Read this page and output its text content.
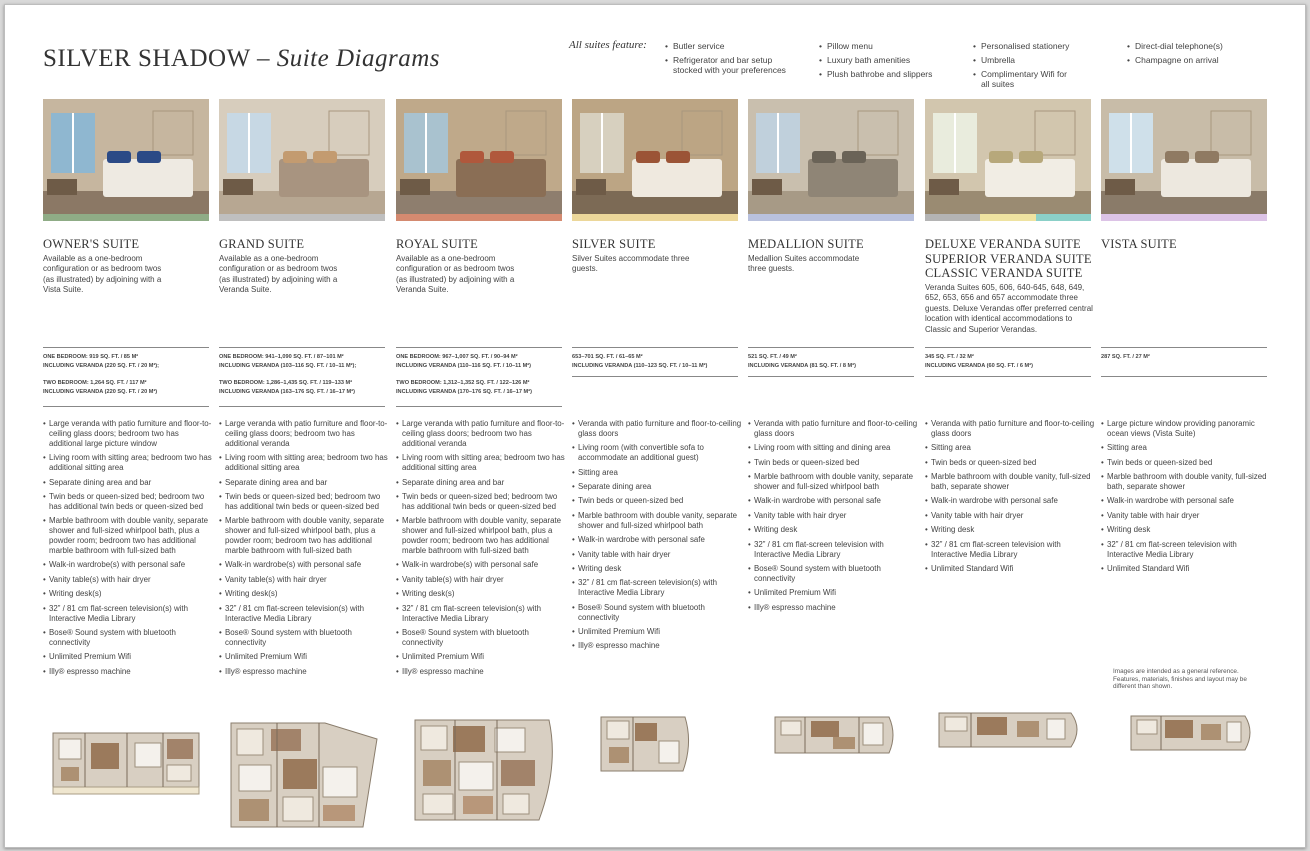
SILVER SHADOW – Suite Diagrams	All suites feature:
•	Butler service
• Refrigerator and bar setup stocked with your preferences
• Pillow menu
• Luxury bath amenities
• Plush bathrobe and slippers
• Personalised stationery
• Umbrella
• Complimentary Wifi for all suites
• Direct-dial telephone(s)
• Champagne on arrival
OWNER'S SUITE
Available as a one-bedroom configuration or as bedroom twos (as illustrated) by adjoining with a Vista Suite.
GRAND SUITE
Available as a one-bedroom configuration or as bedroom twos (as illustrated) by adjoining with a Veranda Suite.
ROYAL SUITE
Available as a one-bedroom configuration or as bedroom twos (as illustrated) by adjoining with a Veranda Suite.
SILVER SUITE
Silver Suites accommodate three guests.
MEDALLION SUITE
Medallion Suites accommodate three guests.
DELUXE VERANDA SUITE
SUPERIOR VERANDA SUITE
CLASSIC VERANDA SUITE
Veranda Suites 605, 606, 640-645, 648, 649, 652, 653, 656 and 657 accommodate three guests. Deluxe Verandas offer preferred central location with identical accommodations to Classic and Superior Verandas.
VISTA SUITE
Images are intended as a general reference. Features, materials, finishes and layout may be different than shown.

ONE BEDROOM: 919 SQ. FT. / 85 M²

INCLUDING VERANDA (220 SQ. FT. / 20 M²);

TWO BEDROOM: 1,264 SQ. FT. / 117 M²

INCLUDING VERANDA (220 SQ. FT. / 20 M²)

• Large veranda with patio furniture and floor-to-ceiling glass doors; bedroom two has additional large picture window
• Living room with sitting area; bedroom two has additional sitting area
• Separate dining area and bar
• Twin beds or queen-sized bed; bedroom two has additional twin beds or queen-sized bed
• Marble bathroom with double vanity, separate shower and full-sized whirlpool bath, plus a powder room; bedroom two has additional marble bathroom with full-sized bath
• Walk-in wardrobe(s) with personal safe
• Vanity table(s) with hair dryer
• Writing desk(s)
• 32” / 81 cm flat-screen television(s) with Interactive Media Library
• Bose® Sound system with bluetooth connectivity
• Unlimited Premium Wifi
• Illy® espresso machine

ONE BEDROOM: 941–1,090 SQ. FT. / 87–101 M²

INCLUDING VERANDA (103–116 SQ. FT. / 10–11 M²);

TWO BEDROOM: 1,286–1,435 SQ. FT. / 119–133 M²

INCLUDING VERANDA (163–176 SQ. FT. / 16–17 M²)

• Large veranda with patio furniture and floor-to-ceiling glass doors; bedroom two has additional veranda
• Living room with sitting area; bedroom two has additional sitting area
• Separate dining area and bar
• Twin beds or queen-sized bed; bedroom two has additional twin beds or queen-sized bed
• Marble bathroom with double vanity, separate shower and full-sized whirlpool bath, plus a powder room; bedroom two has additional marble bathroom with full-sized bath
• Walk-in wardrobe(s) with personal safe
• Vanity table(s) with hair dryer
• Writing desk(s)
• 32” / 81 cm flat-screen television(s) with Interactive Media Library
• Bose® Sound system with bluetooth connectivity
• Unlimited Premium Wifi
• Illy® espresso machine

ONE BEDROOM: 967–1,007 SQ. FT. / 90–94 M²

INCLUDING VERANDA (110–116 SQ. FT. / 10–11 M²)

TWO BEDROOM: 1,312–1,352 SQ. FT. / 122–126 M²

INCLUDING VERANDA (170–176 SQ. FT. / 16–17 M²)

• Large veranda with patio furniture and floor-to-ceiling glass doors; bedroom two has additional veranda
• Living room with sitting area; bedroom two has additional sitting area
• Separate dining area and bar
• Twin beds or queen-sized bed; bedroom two has additional twin beds or queen-sized bed
• Marble bathroom with double vanity, separate shower and full-sized whirlpool bath, plus a powder room; bedroom two has additional marble bathroom with full-sized bath
• Walk-in wardrobe(s) with personal safe
• Vanity table(s) with hair dryer
• Writing desk(s)
• 32” / 81 cm flat-screen television(s) with Interactive Media Library
• Bose® Sound system with bluetooth connectivity
• Unlimited Premium Wifi
• Illy® espresso machine

653–701 SQ. FT. / 61–65 M²

INCLUDING VERANDA (110–123 SQ. FT. / 10–11 M²)

• Veranda with patio furniture and floor-to-ceiling glass doors
• Living room (with convertible sofa to accommodate an additional guest)
• Sitting area
• Separate dining area
• Twin beds or queen-sized bed
• Marble bathroom with double vanity, separate shower and full-sized whirlpool bath
• Walk-in wardrobe with personal safe
• Vanity table with hair dryer
• Writing desk
• 32” / 81 cm flat-screen television(s) with Interactive Media Library
• Bose® Sound system with bluetooth connectivity
• Unlimited Premium Wifi
• Illy® espresso machine

521 SQ. FT. / 49 M²

INCLUDING VERANDA (81 SQ. FT. / 8 M²)

• Veranda with patio furniture and floor-to-ceiling glass doors
• Living room with sitting and dining area
• Twin beds or queen-sized bed
• Marble bathroom with double vanity, separate shower and full-sized whirlpool bath
• Walk-in wardrobe with personal safe
• Vanity table with hair dryer
• Writing desk
• 32” / 81 cm flat-screen television with Interactive Media Library
• Bose® Sound system with bluetooth connectivity
• Unlimited Premium Wifi
• Illy® espresso machine

345 SQ. FT. / 32 M²

INCLUDING VERANDA (60 SQ. FT. / 6 M²)

• Veranda with patio furniture and floor-to-ceiling glass doors
• Sitting area
• Twin beds or queen-sized bed
• Marble bathroom with double vanity, full-sized bath, separate shower
• Walk-in wardrobe with personal safe
• Vanity table with hair dryer
• Writing desk
• 32” / 81 cm flat-screen television with Interactive Media Library
• Unlimited Standard Wifi

287 SQ. FT. / 27 M²

• Large picture window providing panoramic ocean views (Vista Suite)
• Sitting area
• Twin beds or queen-sized bed
• Marble bathroom with double vanity, full-sized bath, separate shower
• Walk-in wardrobe with personal safe
• Vanity table with hair dryer
• Writing desk
• 32” / 81 cm flat-screen television with Interactive Media Library
• Unlimited Standard Wifi
